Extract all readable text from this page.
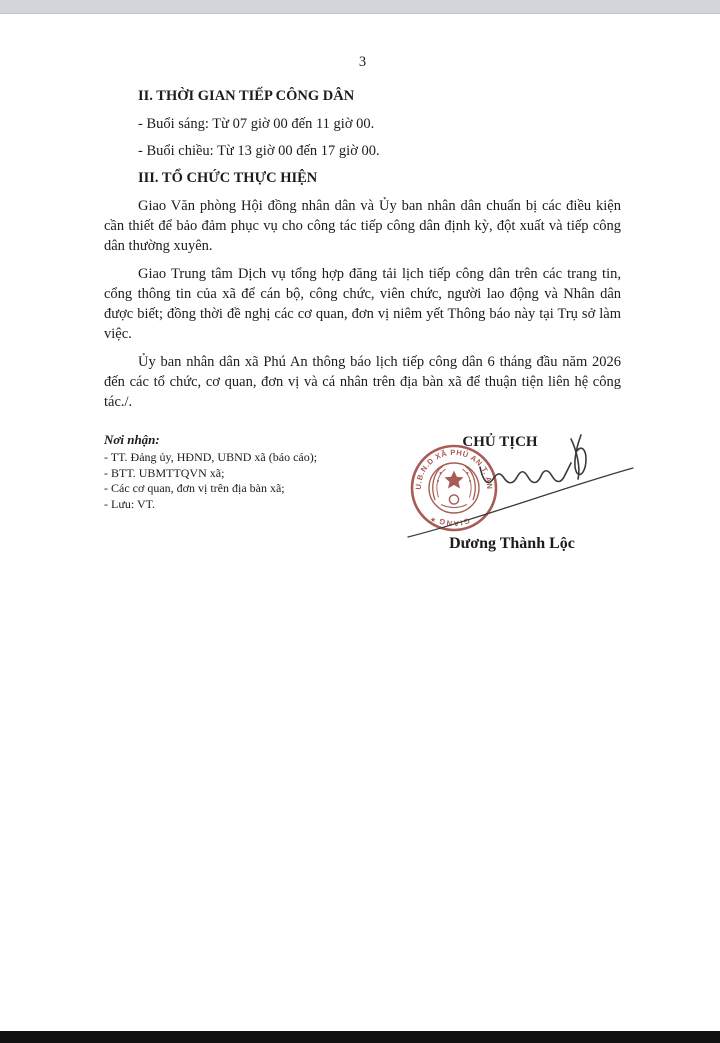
3

II. THỜI GIAN TIẾP CÔNG DÂN

- Buổi sáng: Từ 07 giờ 00 đến 11 giờ 00.

- Buổi chiều: Từ 13 giờ 00 đến 17 giờ 00.

III. TỔ CHỨC THỰC HIỆN

Giao Văn phòng Hội đồng nhân dân và Ủy ban nhân dân chuẩn bị các điều kiện cần thiết để bảo đảm phục vụ cho công tác tiếp công dân định kỳ, đột xuất và tiếp công dân thường xuyên.

Giao Trung tâm Dịch vụ tổng hợp đăng tải lịch tiếp công dân trên các trang tin, cổng thông tin của xã để cán bộ, công chức, viên chức, người lao động và Nhân dân được biết; đồng thời đề nghị các cơ quan, đơn vị niêm yết Thông báo này tại Trụ sở làm việc.

Ủy ban nhân dân xã Phú An thông báo lịch tiếp công dân 6 tháng đầu năm 2026 đến các tổ chức, cơ quan, đơn vị và cá nhân trên địa bàn xã để thuận tiện liên hệ công tác./.

Nơi nhận:
- TT. Đảng ủy, HĐND, UBND xã (báo cáo);
- BTT. UBMTTQVN xã;
- Các cơ quan, đơn vị trên địa bàn xã;
- Lưu: VT.
CHỦ TỊCH
Dương Thành Lộc
U.B.N.D XÃ PHÚ AN T. AN
GIANG
★
